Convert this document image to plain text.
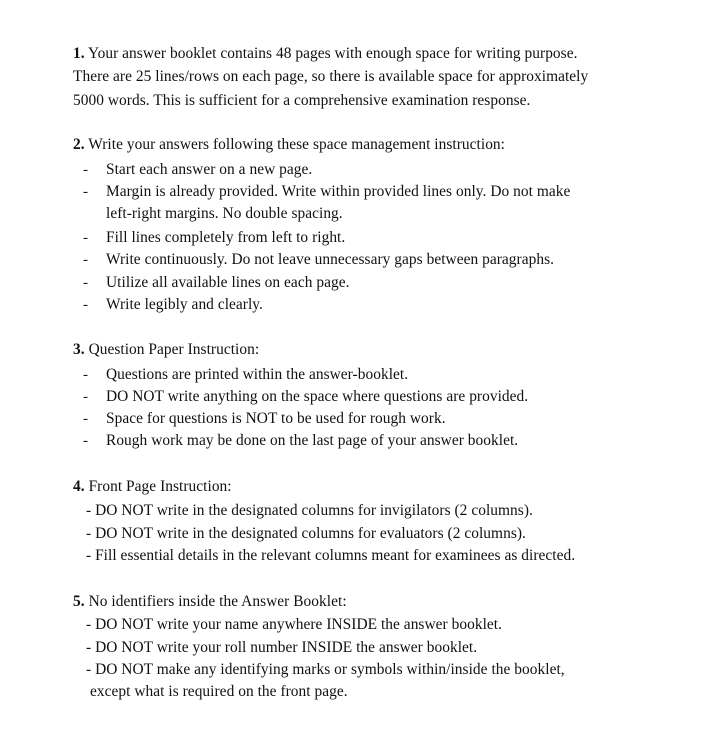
1. Your answer booklet contains 48 pages with enough space for writing purpose.
There are 25 lines/rows on each page, so there is available space for approximately
5000 words. This is sufficient for a comprehensive examination response.
2. Write your answers following these space management instruction:
- Start each answer on a new page.
- Margin is already provided. Write within provided lines only. Do not make
left-right margins. No double spacing.
- Fill lines completely from left to right.
- Write continuously. Do not leave unnecessary gaps between paragraphs.
- Utilize all available lines on each page.
- Write legibly and clearly.
3. Question Paper Instruction:
- Questions are printed within the answer-booklet.
- DO NOT write anything on the space where questions are provided.
- Space for questions is NOT to be used for rough work.
- Rough work may be done on the last page of your answer booklet.
4. Front Page Instruction:
- DO NOT write in the designated columns for invigilators (2 columns).
- DO NOT write in the designated columns for evaluators (2 columns).
- Fill essential details in the relevant columns meant for examinees as directed.
5. No identifiers inside the Answer Booklet:
- DO NOT write your name anywhere INSIDE the answer booklet.
- DO NOT write your roll number INSIDE the answer booklet.
- DO NOT make any identifying marks or symbols within/inside the booklet,
except what is required on the front page.
